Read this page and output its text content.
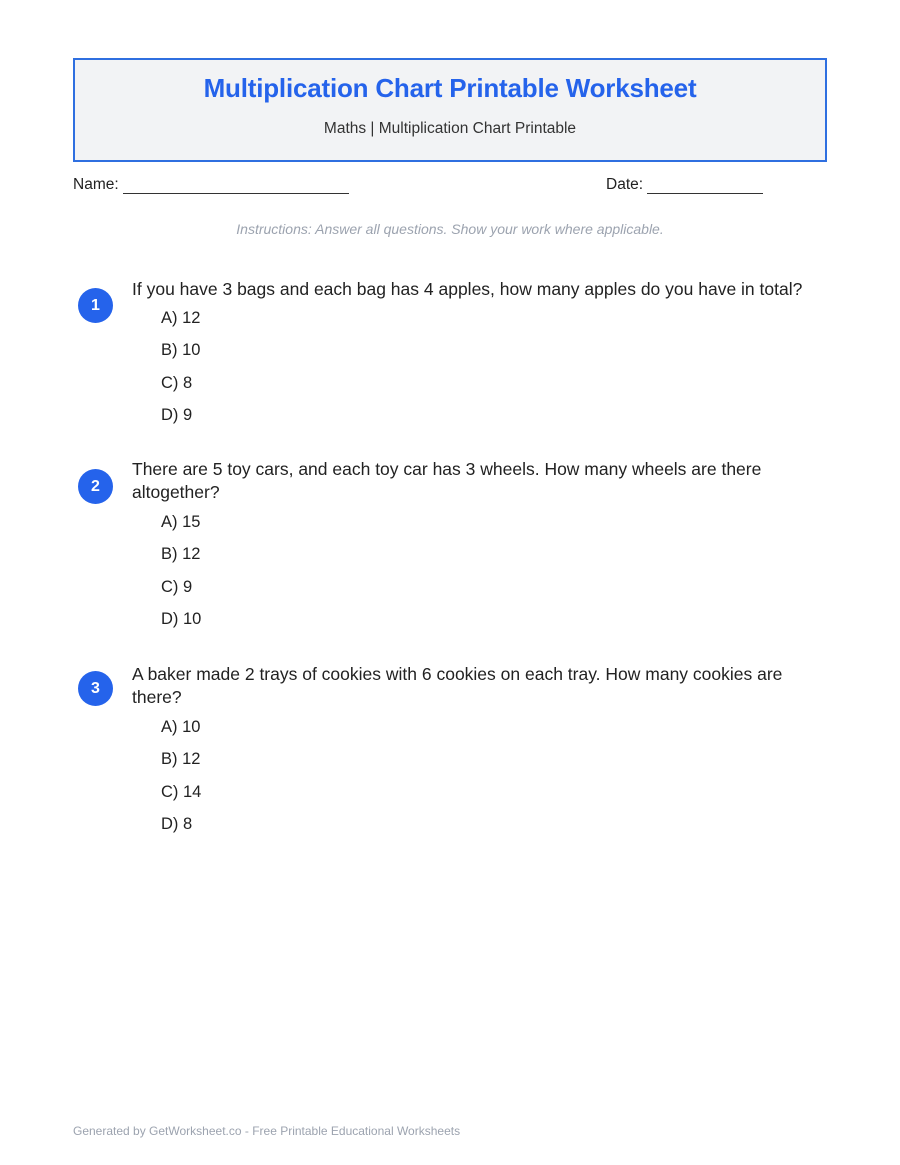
Multiplication Chart Printable Worksheet
Maths | Multiplication Chart Printable
Name:	Date:
Instructions: Answer all questions. Show your work where applicable.
1
If you have 3 bags and each bag has 4 apples, how many apples do you have in total?
A) 12
B) 10
C) 8
D) 9
2
There are 5 toy cars, and each toy car has 3 wheels. How many wheels are there altogether?
A) 15
B) 12
C) 9
D) 10
3
A baker made 2 trays of cookies with 6 cookies on each tray. How many cookies are there?
A) 10
B) 12
C) 14
D) 8
Generated by GetWorksheet.co - Free Printable Educational Worksheets
